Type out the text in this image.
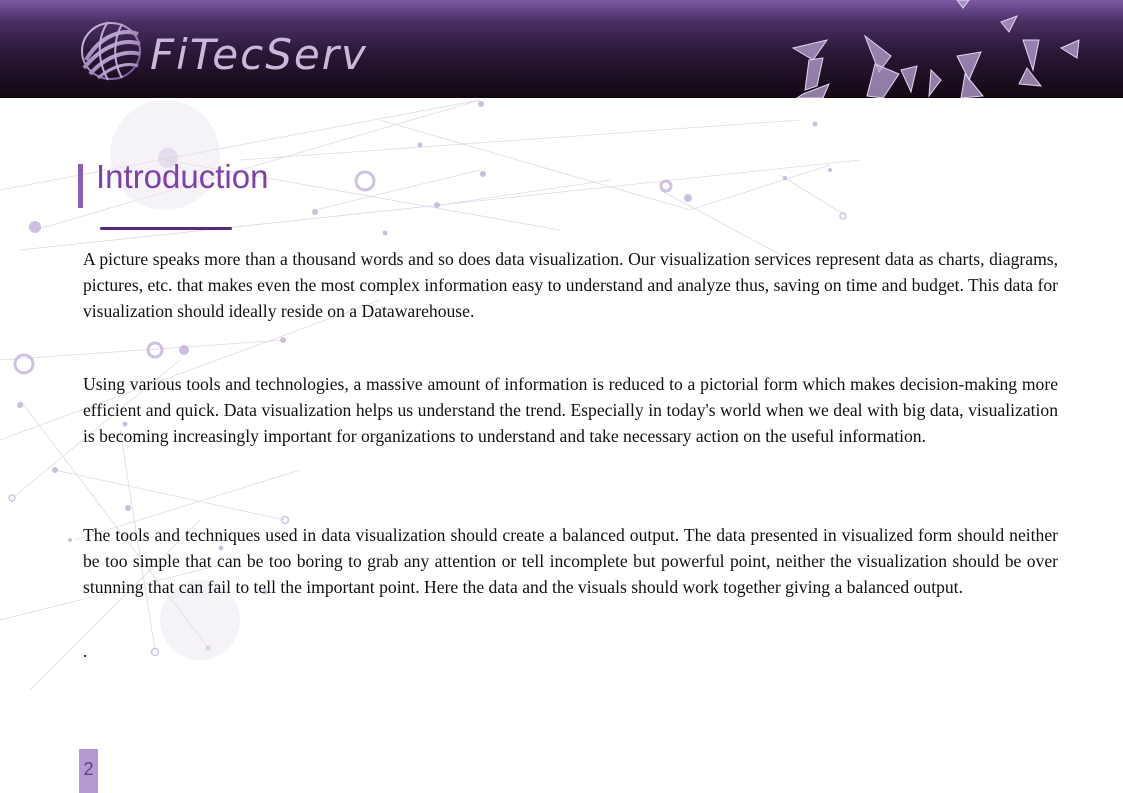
FiTecServ
Introduction

A picture speaks more than a thousand words and so does data visualization. Our visualization services represent data as charts, diagrams, pictures, etc. that makes even the most complex information easy to understand and analyze thus, saving on time and budget. This data for visualization should ideally reside on a Datawarehouse.

Using various tools and technologies, a massive amount of information is reduced to a pictorial form which makes decision-making more efficient and quick. Data visualization helps us understand the trend. Especially in today's world when we deal with big data, visualization is becoming increasingly important for organizations to understand and take necessary action on the useful information.

The tools and techniques used in data visualization should create a balanced output. The data presented in visualized form should neither be too simple that can be too boring to grab any attention or tell incomplete but powerful point, neither the visualization should be over stunning that can fail to tell the important point. Here the data and the visuals should work together giving a balanced output.

.
2
